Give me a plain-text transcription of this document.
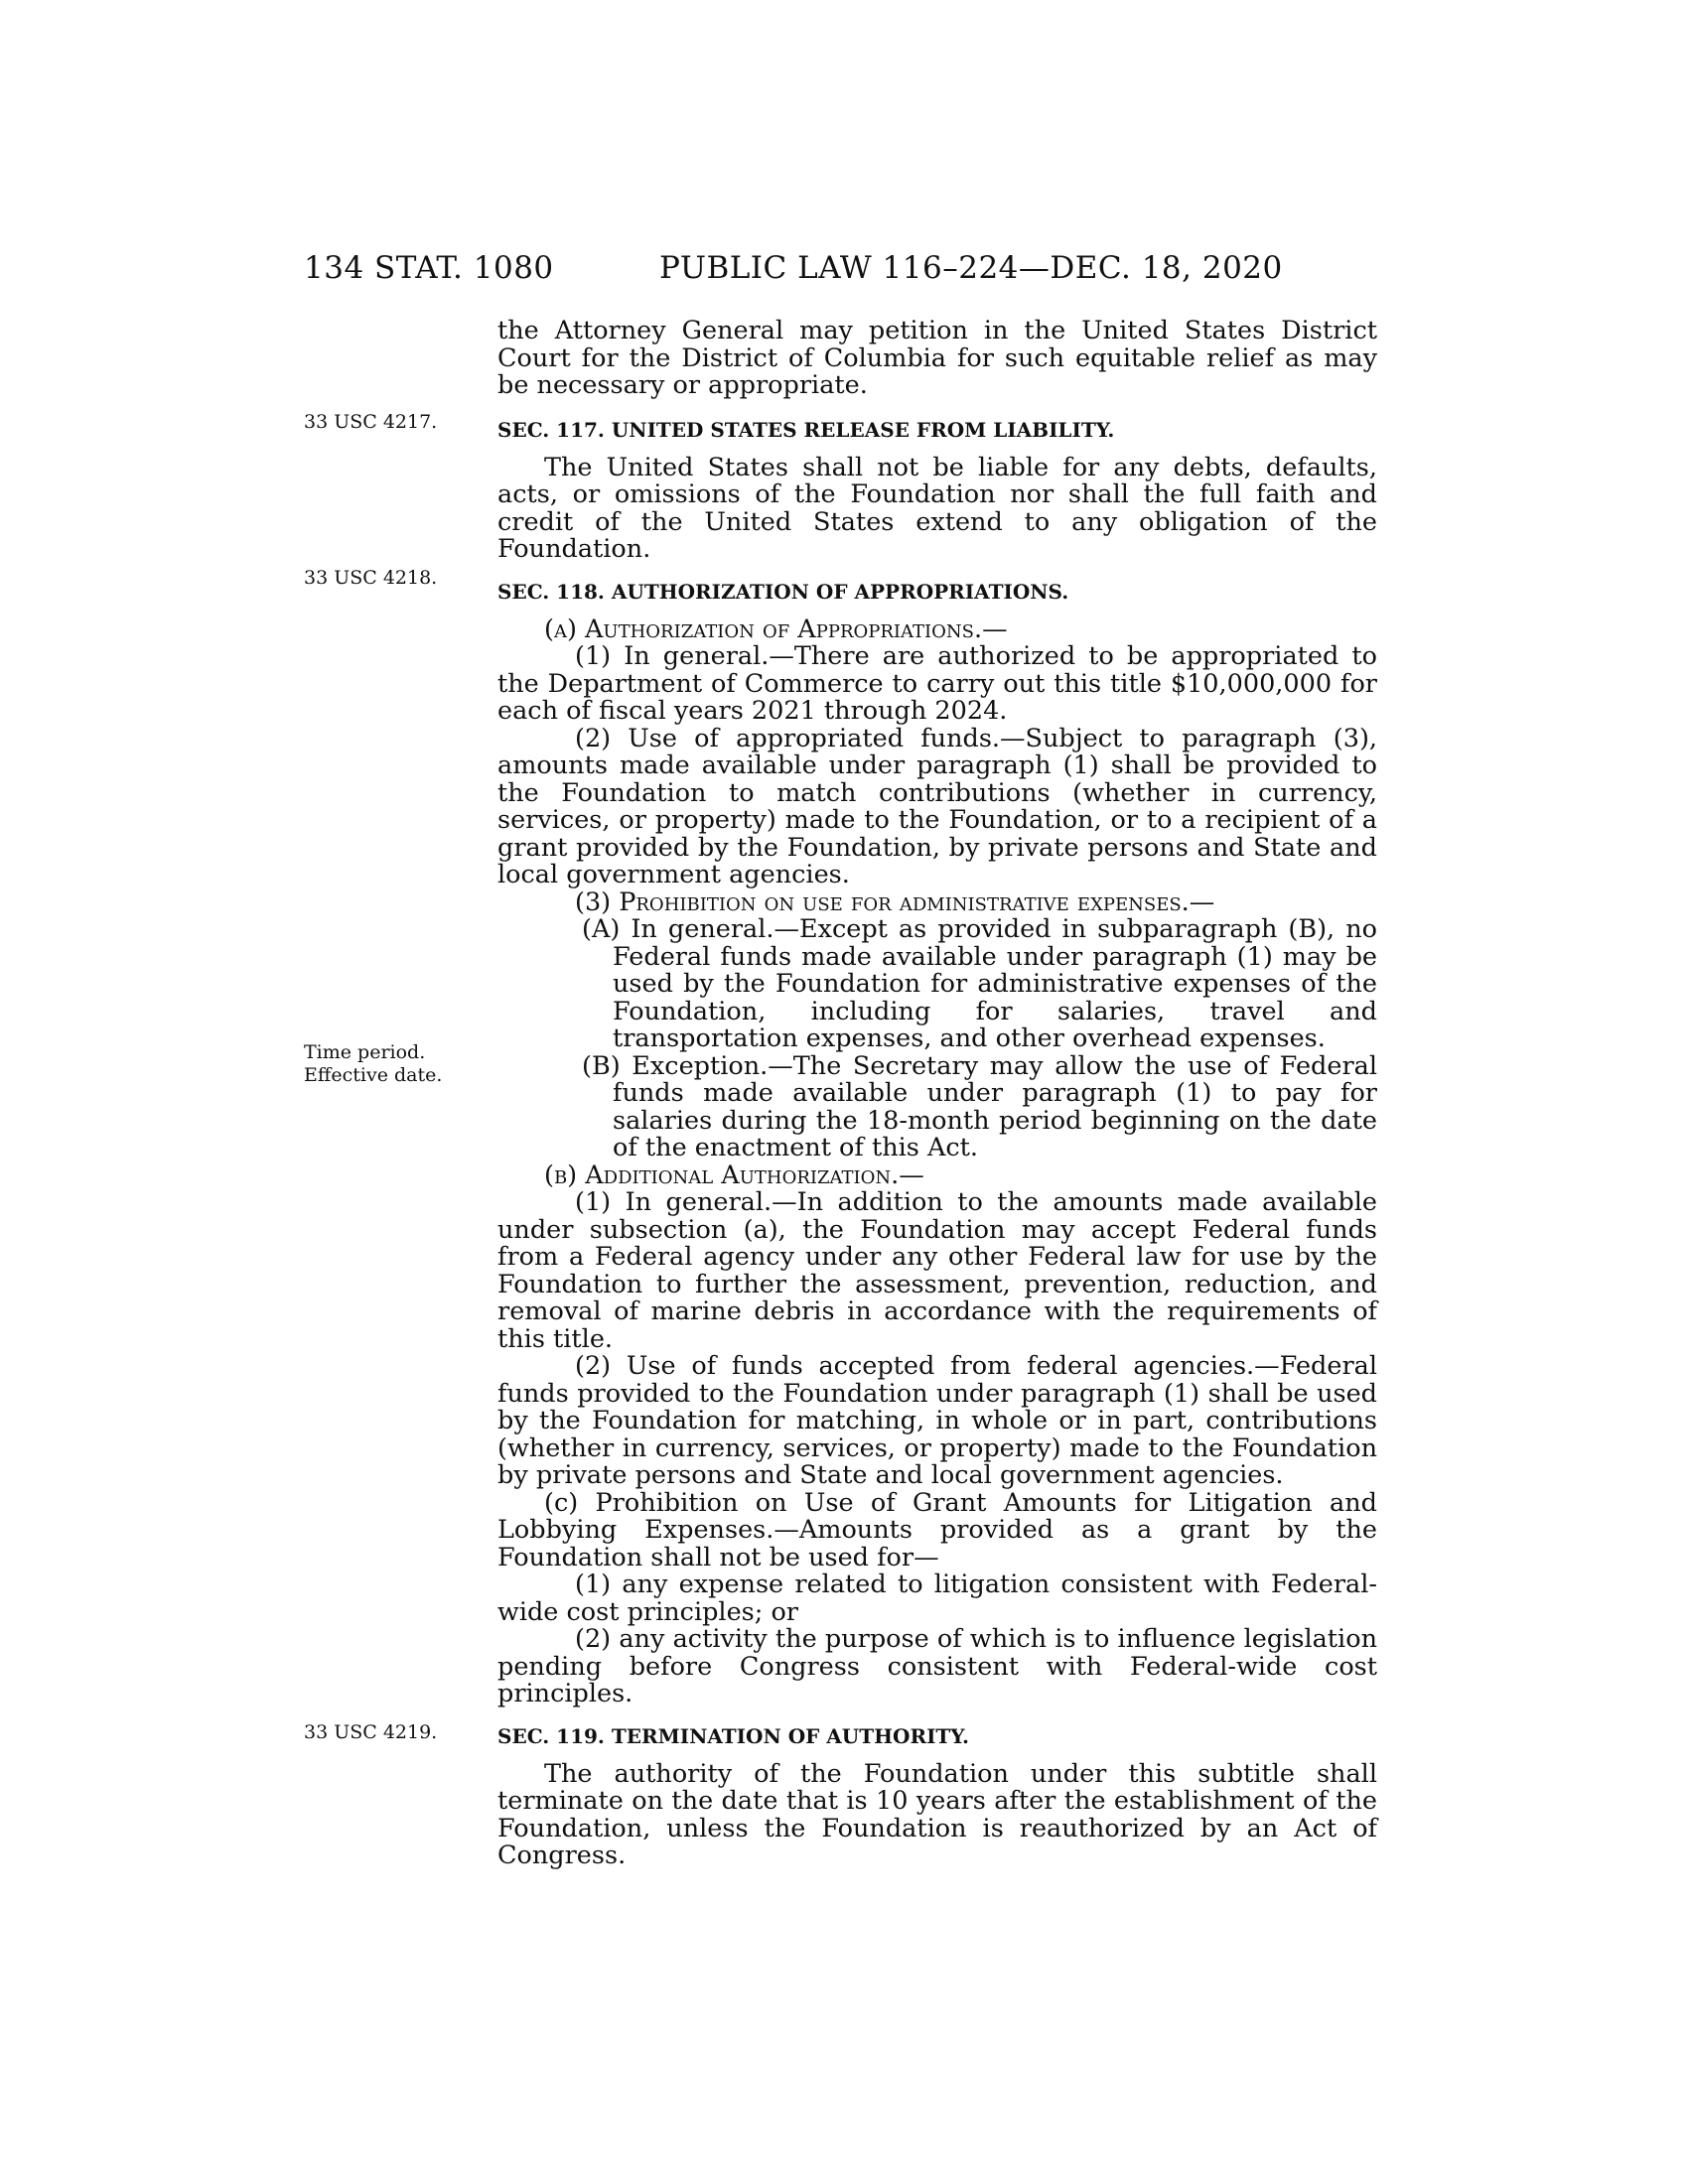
134 STAT. 1080	PUBLIC LAW 116–224—DEC. 18, 2020
33 USC 4217.
33 USC 4218.
Time period.
Effective date.
33 USC 4219.

the Attorney General may petition in the United States District Court for the District of Columbia for such equitable relief as may be necessary or appropriate.

SEC. 117. UNITED STATES RELEASE FROM LIABILITY.

The United States shall not be liable for any debts, defaults, acts, or omissions of the Foundation nor shall the full faith and credit of the United States extend to any obligation of the Foundation.

SEC. 118. AUTHORIZATION OF APPROPRIATIONS.

(a) Authorization of Appropriations.—

(1) In general.—There are authorized to be appropriated to the Department of Commerce to carry out this title $10,000,000 for each of fiscal years 2021 through 2024.

(2) Use of appropriated funds.—Subject to paragraph (3), amounts made available under paragraph (1) shall be provided to the Foundation to match contributions (whether in currency, services, or property) made to the Foundation, or to a recipient of a grant provided by the Foundation, by private persons and State and local government agencies.

(3) Prohibition on use for administrative expenses.—

(A) In general.—Except as provided in subparagraph (B), no Federal funds made available under paragraph (1) may be used by the Foundation for administrative expenses of the Foundation, including for salaries, travel and transportation expenses, and other overhead expenses.

(B) Exception.—The Secretary may allow the use of Federal funds made available under paragraph (1) to pay for salaries during the 18-month period beginning on the date of the enactment of this Act.

(b) Additional Authorization.—

(1) In general.—In addition to the amounts made available under subsection (a), the Foundation may accept Federal funds from a Federal agency under any other Federal law for use by the Foundation to further the assessment, prevention, reduction, and removal of marine debris in accordance with the requirements of this title.

(2) Use of funds accepted from federal agencies.—Federal funds provided to the Foundation under paragraph (1) shall be used by the Foundation for matching, in whole or in part, contributions (whether in currency, services, or property) made to the Foundation by private persons and State and local government agencies.

(c) Prohibition on Use of Grant Amounts for Litigation and Lobbying Expenses.—Amounts provided as a grant by the Foundation shall not be used for—

(1) any expense related to litigation consistent with Federal-wide cost principles; or

(2) any activity the purpose of which is to influence legislation pending before Congress consistent with Federal-wide cost principles.

SEC. 119. TERMINATION OF AUTHORITY.

The authority of the Foundation under this subtitle shall terminate on the date that is 10 years after the establishment of the Foundation, unless the Foundation is reauthorized by an Act of Congress.
